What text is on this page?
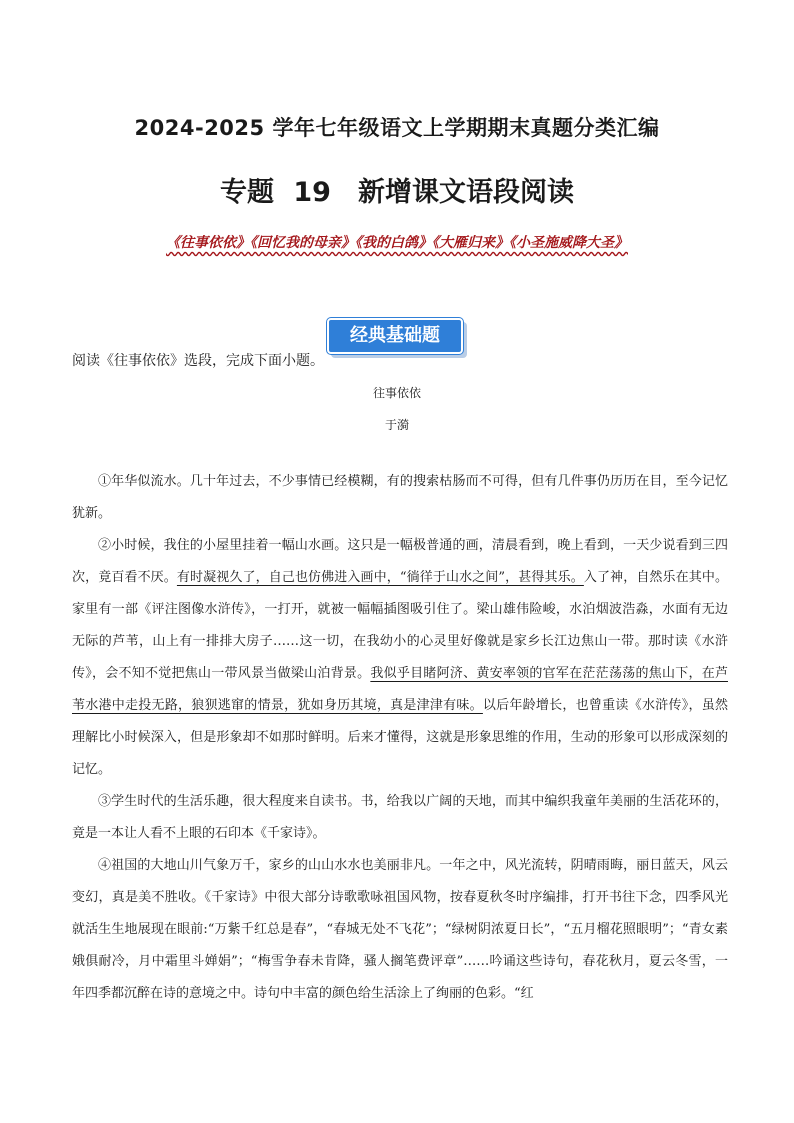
2024-2025 学年七年级语文上学期期末真题分类汇编
专题 19　新增课文语段阅读
《往事依依》《回忆我的母亲》《我的白鸽》《大雁归来》《小圣施威降大圣》
经典基础题
阅读《往事依依》选段，完成下面小题。
往事依依
于漪

①年华似流水。几十年过去，不少事情已经模糊，有的搜索枯肠而不可得，但有几件事仍历历在目，至今记忆犹新。

②小时候，我住的小屋里挂着一幅山水画。这只是一幅极普通的画，清晨看到，晚上看到，一天少说看到三四次，竟百看不厌。有时凝视久了，自己也仿佛进入画中，“徜徉于山水之间”，甚得其乐。入了神，自然乐在其中。家里有一部《评注图像水浒传》，一打开，就被一幅幅插图吸引住了。梁山雄伟险峻，水泊烟波浩淼，水面有无边无际的芦苇，山上有一排排大房子……这一切，在我幼小的心灵里好像就是家乡长江边焦山一带。那时读《水浒传》，会不知不觉把焦山一带风景当做梁山泊背景。我似乎目睹阿济、黄安率领的官军在茫茫荡荡的焦山下，在芦苇水港中走投无路，狼狈逃窜的情景，犹如身历其境，真是津津有味。以后年龄增长，也曾重读《水浒传》，虽然理解比小时候深入，但是形象却不如那时鲜明。后来才懂得，这就是形象思维的作用，生动的形象可以形成深刻的记忆。

③学生时代的生活乐趣，很大程度来自读书。书，给我以广阔的天地，而其中编织我童年美丽的生活花环的，竟是一本让人看不上眼的石印本《千家诗》。

④祖国的大地山川气象万千，家乡的山山水水也美丽非凡。一年之中，风光流转，阴晴雨晦，丽日蓝天，风云变幻，真是美不胜收。《千家诗》中很大部分诗歌歌咏祖国风物，按春夏秋冬时序编排，打开书往下念，四季风光就活生生地展现在眼前:“万紫千红总是春”，“春城无处不飞花”；“绿树阴浓夏日长”，“五月榴花照眼明”；“青女素娥俱耐冷，月中霜里斗婵娟”；“梅雪争春未肯降，骚人搁笔费评章”……吟诵这些诗句，春花秋月，夏云冬雪，一年四季都沉醉在诗的意境之中。诗句中丰富的颜色给生活涂上了绚丽的色彩。“红
